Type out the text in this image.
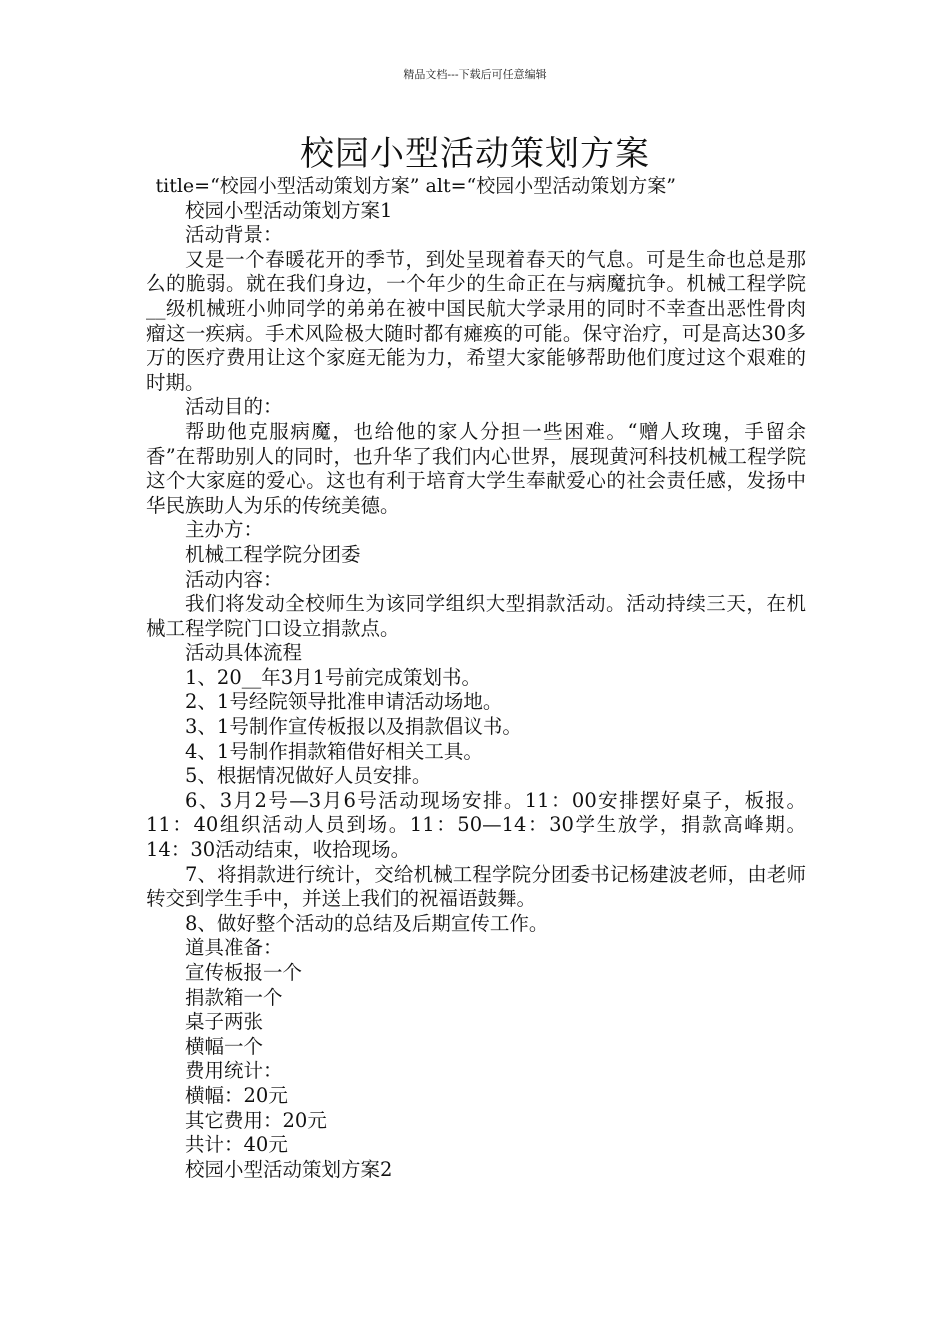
精品文档---下载后可任意编辑
校园小型活动策划方案

title=“校园小型活动策划方案” alt=“校园小型活动策划方案”

校园小型活动策划方案1

活动背景：

又是一个春暖花开的季节，到处呈现着春天的气息。可是生命也总是那么的脆弱。就在我们身边，一个年少的生命正在与病魔抗争。机械工程学院__级机械班小帅同学的弟弟在被中国民航大学录用的同时不幸查出恶性骨肉瘤这一疾病。手术风险极大随时都有瘫痪的可能。保守治疗，可是高达30多万的医疗费用让这个家庭无能为力，希望大家能够帮助他们度过这个艰难的时期。

活动目的：

帮助他克服病魔，也给他的家人分担一些困难。“赠人玫瑰，手留余香”在帮助别人的同时，也升华了我们内心世界，展现黄河科技机械工程学院这个大家庭的爱心。这也有利于培育大学生奉献爱心的社会责任感，发扬中华民族助人为乐的传统美德。

主办方：

机械工程学院分团委

活动内容：

我们将发动全校师生为该同学组织大型捐款活动。活动持续三天，在机械工程学院门口设立捐款点。

活动具体流程

1、20__年3月1号前完成策划书。

2、1号经院领导批准申请活动场地。

3、1号制作宣传板报以及捐款倡议书。

4、1号制作捐款箱借好相关工具。

5、根据情况做好人员安排。

6、3月2号—3月6号活动现场安排。11：00安排摆好桌子，板报。11：40组织活动人员到场。11：50—14：30学生放学，捐款高峰期。14：30活动结束，收拾现场。

7、将捐款进行统计，交给机械工程学院分团委书记杨建波老师，由老师转交到学生手中，并送上我们的祝福语鼓舞。

8、做好整个活动的总结及后期宣传工作。

道具准备：

宣传板报一个

捐款箱一个

桌子两张

横幅一个

费用统计：

横幅：20元

其它费用：20元

共计：40元

校园小型活动策划方案2
